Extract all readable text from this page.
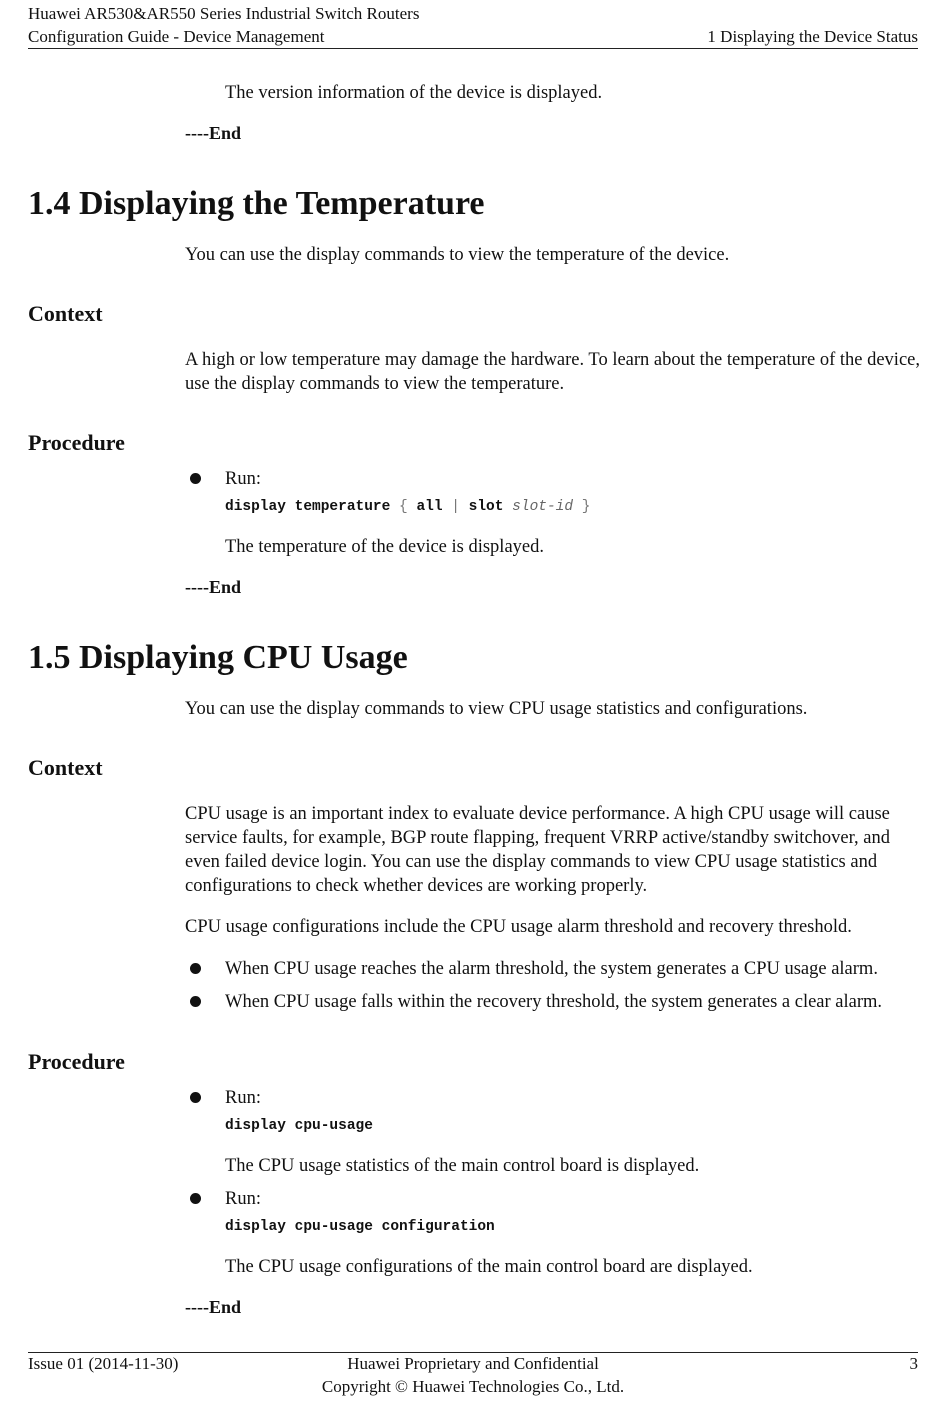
Huawei AR530&AR550 Series Industrial Switch Routers
Configuration Guide - Device Management	1 Displaying the Device Status
The version information of the device is displayed.
----End
1.4 Displaying the Temperature
You can use the display commands to view the temperature of the device.
Context
A high or low temperature may damage the hardware. To learn about the temperature of the device, use the display commands to view the temperature.
Procedure
Run:
display temperature { all | slot slot-id }
The temperature of the device is displayed.
----End
1.5 Displaying CPU Usage
You can use the display commands to view CPU usage statistics and configurations.
Context
CPU usage is an important index to evaluate device performance. A high CPU usage will cause service faults, for example, BGP route flapping, frequent VRRP active/standby switchover, and even failed device login. You can use the display commands to view CPU usage statistics and configurations to check whether devices are working properly.
CPU usage configurations include the CPU usage alarm threshold and recovery threshold.
When CPU usage reaches the alarm threshold, the system generates a CPU usage alarm.
When CPU usage falls within the recovery threshold, the system generates a clear alarm.
Procedure
Run:
display cpu-usage
The CPU usage statistics of the main control board is displayed.
Run:
display cpu-usage configuration
The CPU usage configurations of the main control board are displayed.
----End
Issue 01 (2014-11-30)	Huawei Proprietary and Confidential
Copyright © Huawei Technologies Co., Ltd.
3
